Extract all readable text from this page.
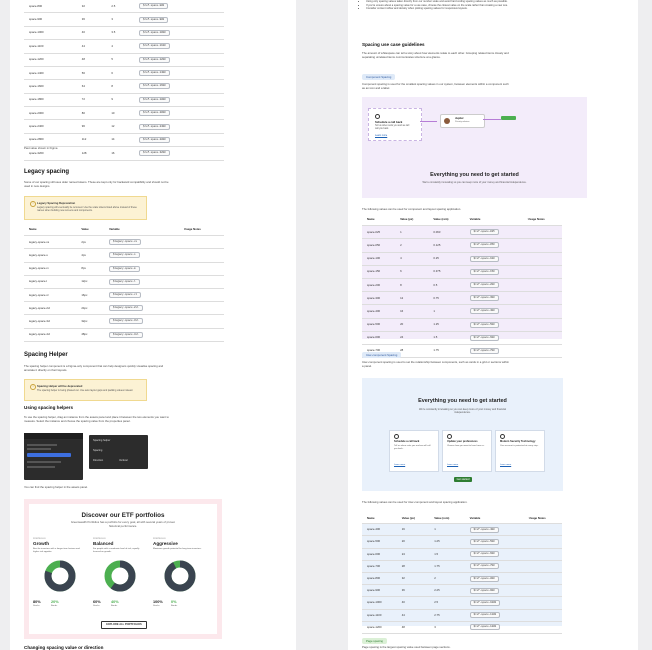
space-800	32	2.5	$ref-space-800
space-900	36	3	$ref-space-900
space-1000	40	3.5	$ref-space-1000
space-1100	44	4	$ref-space-1100
space-1200	48	5	$ref-space-1200
space-1400	56	6	$ref-space-1400
space-1600	64	8	$ref-space-1600
space-1800	72	9	$ref-space-1800
space-2000	80	10	$ref-space-2000
space-2400	96	12	$ref-space-2400
space-2800	112	14	$ref-space-2800
space-3200	128	16	$ref-space-3200

Past value shown in Figma

Legacy spacing

Some of our spacing still uses older named tokens. These are kept only for backward compatibility and should not be used in new designs.

i	Legacy Spacing Deprecation
Legacy spacing will eventually be removed. Use the scale tokens listed above instead of these names when building new screens and components.
Name	Value	Variable	Usage Notes
legacy-space-xs	2px	$legacy-space-xs	
legacy-space-s	4px	$legacy-space-s	
legacy-space-m	8px	$legacy-space-m	
legacy-space-l	12px	$legacy-space-l	
legacy-space-xl	16px	$legacy-space-xl	
legacy-space-2xl	24px	$legacy-space-2xl	
legacy-space-3xl	32px	$legacy-space-3xl	
legacy-space-4xl	48px	$legacy-space-4xl	
Spacing Helper

The spacing helper component is a Figma-only component that can help designers quickly visualise spacing and annotate it directly on their layouts.

i	Spacing Helper will be deprecated
The spacing helper is being phased out. Use auto layout gaps and padding values instead.
Using spacing helpers

To use the spacing helper, drag an instance from the assets panel and place it between the two elements you want to measure. Select the instance and choose the spacing value from the properties panel.

Spacing helper
Spacing
Direction	Vertical

You can find the spacing helper in the assets panel.

Discover our ETF portfolios
Greenwealth Portfolios has a portfolio for every goal, all with several years of proven historical performance.
PORTFOLIO
Growth
Best for investors with a longer time horizon and higher risk appetite.
80%	20%
Stocks	Bonds
PORTFOLIO
Balanced
For people with a moderate level of risk, equally focused on growth.
60%	40%
Stocks	Bonds
PORTFOLIO
Aggressive
Maximum growth potential for long-term investors.
100% 0%
Stocks	Bonds
EXPLORE ALL PORTFOLIOS
Changing spacing value or direction
• Using only spacing values taken directly from our number scale and avoid hard coding spacing values as much as possible.
• If you're unsure about a spacing value for a use case, choose the closest value on the scale rather than creating a new one.
• Consider content reflow and density when picking spacing values for responsive layouts.
Spacing use case guidelines

The amount of whitespace can tell a story about how elements relate to each other. Grouping related items closely and separating unrelated items communicates structure at a glance.

Component Spacing

Component spacing is used for the smallest spacing values in our system, between elements within a component such as an icon and a label.

Schedule a call back
Tell us when suits you and we will call you back.
Learn more
Jupiter
Priority advisor
Everything you need to get started
We're constantly innovating so you can keep more of your money and financial independence.

The following values can be used for component and layout spacing application.

Name	Value (px)	Value (rem)	Variable	Usage Notes
space-025	1	0.063	$ref-space-025	
space-050	2	0.125	$ref-space-050	
space-100	4	0.25	$ref-space-100	
space-150	6	0.375	$ref-space-150	
space-200	8	0.5	$ref-space-200	
space-300	12	0.75	$ref-space-300	
space-400	16	1	$ref-space-400	
space-500	20	1.25	$ref-space-500	
space-600	24	1.5	$ref-space-600	
space-700	28	1.75	$ref-space-700	
Inter-component Spacing

Inter-component spacing is used to set the relationship between components, such as cards in a grid or sections within a panel.

Everything you need to get started
We're constantly innovating so you can keep more of your money and financial independence.
Schedule a call back
Tell us when suits you and we will call you back.
Learn more
Update your preferences
Choose how you want to hear from us.
Learn more
Modern Security Technology
Your account is protected at every step.
Learn more
Get started

The following values can be used for inter-component and layout spacing application.

Name	Value (px)	Value (rem)	Variable	Usage Notes
space-400	16	1	$ref-space-400	
space-500	20	1.25	$ref-space-500	
space-600	24	1.5	$ref-space-600	
space-700	28	1.75	$ref-space-700	
space-800	32	2	$ref-space-800	
space-900	36	2.25	$ref-space-900	
space-1000	40	2.5	$ref-space-1000	
space-1100	44	2.75	$ref-space-1100	
space-1200	48	3	$ref-space-1200	
Page spacing

Page spacing is the largest spacing value used between page sections.
